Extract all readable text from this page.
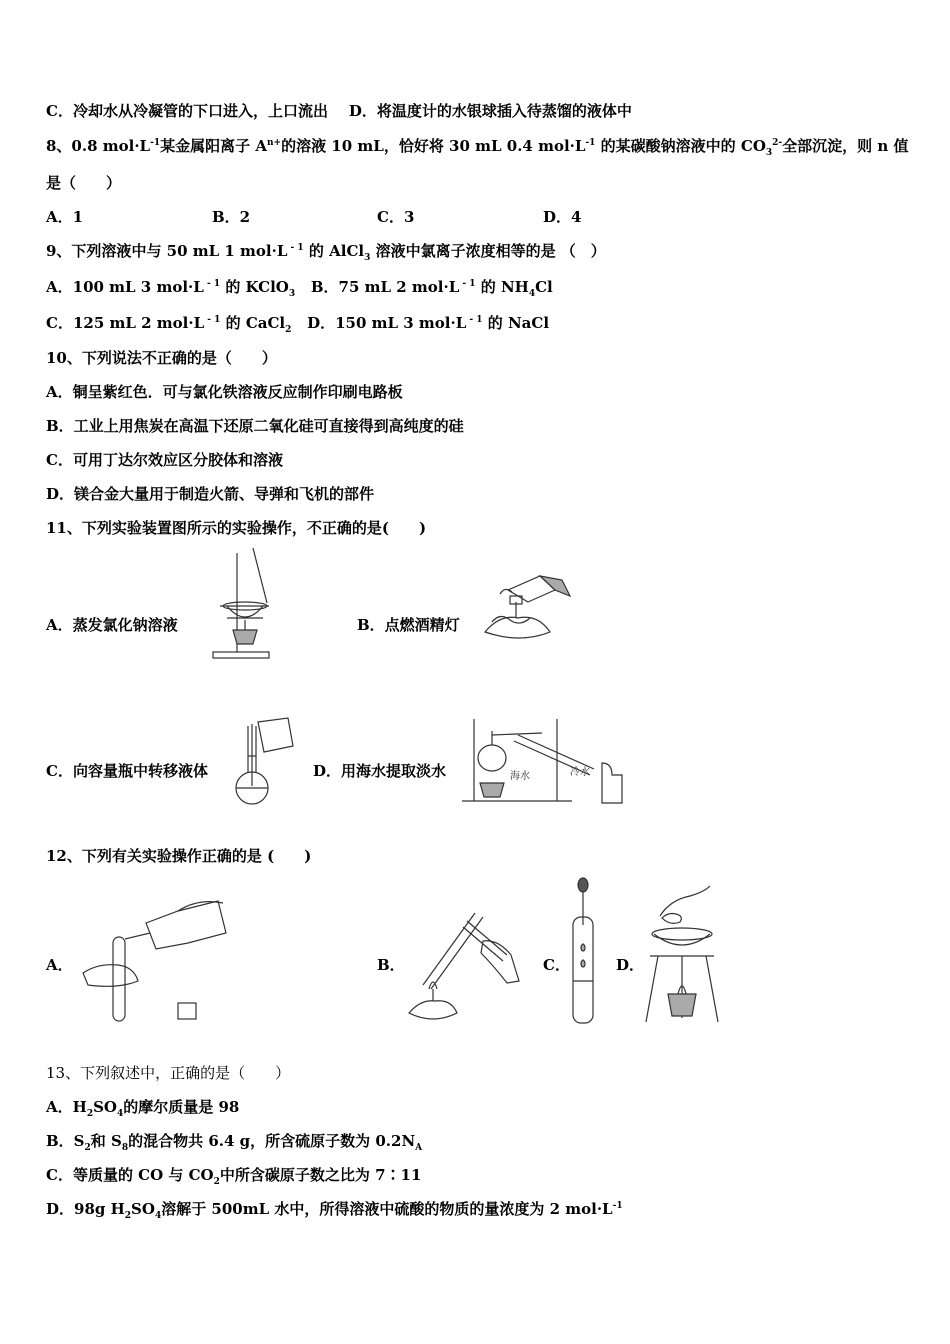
C．冷却水从冷凝管的下口进入，上口流出 D．将温度计的水银球插入待蒸馏的液体中
8、0.8 $mol\cdot L^{-1}$某金属阳离子 $A^{n+}$的溶液 10 mL，恰好将 30 mL 0.4 $mol\cdot L^{-1}$ 的某碳酸钠溶液中的 $CO_3^{2-}$全部沉淀，则 n 值
是（　　）
A．1	B．2	C．3	D．4
9、下列溶液中与 50 mL 1 mol·L $^{- 1}$ 的 AlCl$_3$ 溶液中氯离子浓度相等的是 （　）
A．100 mL 3 mol·L $^{- 1}$ 的 KClO$_3$ B．75 mL 2 mol·L $^{- 1}$ 的 $NH_4Cl$
C．125 mL 2 mol·L $^{- 1}$ 的 CaCl$_2$ D．150 mL 3 mol·L $^{- 1}$ 的 NaCl
10、下列说法不正确的是（　　）
A．铜呈紫红色．可与氯化铁溶液反应制作印刷电路板
B．工业上用焦炭在高温下还原二氧化硅可直接得到高纯度的硅
C．可用丁达尔效应区分胶体和溶液
D．镁合金大量用于制造火箭、导弹和飞机的部件
11、下列实验装置图所示的实验操作，不正确的是(　　)
A．蒸发氯化钠溶液	B．点燃酒精灯
C．向容量瓶中转移液体	D．用海水提取淡水	海水	冷水
12、下列有关实验操作正确的是 (　　)
A．	B．	C．	D．
13、下列叙述中，正确的是（　　）
A．$H_2SO_4$的摩尔质量是 98
B．$S_2$和 $S_8$的混合物共 6.4 g，所含硫原子数为 $0.2N_A$
C．等质量的 CO 与 $CO_2$中所含碳原子数之比为 7∶11
D．98g $H_2SO_4$溶解于 500mL 水中，所得溶液中硫酸的物质的量浓度为 2 $mol\cdot L^{-1}$
